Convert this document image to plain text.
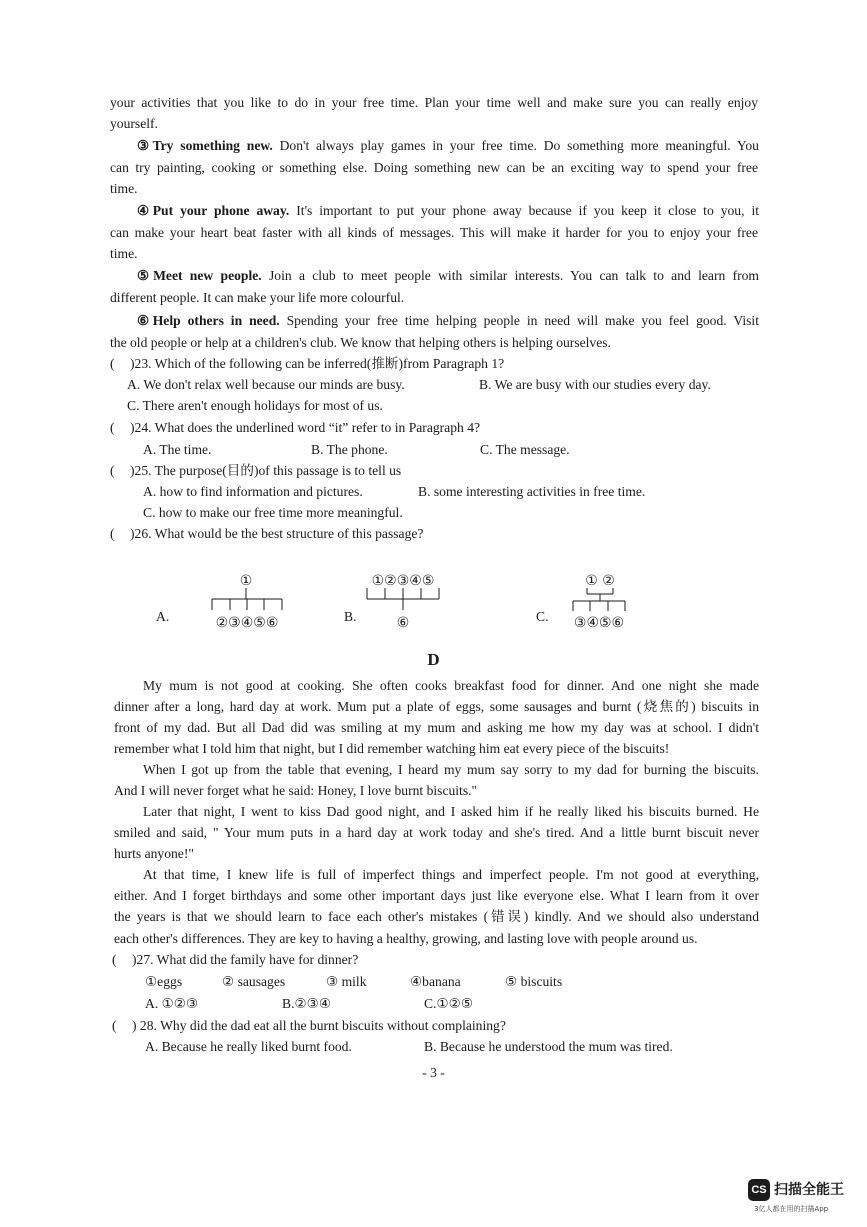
your activities that you like to do in your free time. Plan your time well and make sure you can really enjoy
yourself.
③Try something new. Don't always play games in your free time. Do something more meaningful. You
can try painting, cooking or something else. Doing something new can be an exciting way to spend your free
time.
④Put your phone away. It's important to put your phone away because if you keep it close to you, it
can make your heart beat faster with all kinds of messages. This will make it harder for you to enjoy your free
time.
⑤Meet new people. Join a club to meet people with similar interests. You can talk to and learn from
different people. It can make your life more colourful.
⑥Help others in need. Spending your free time helping people in need will make you feel good. Visit
the old people or help at a children's club. We know that helping others is helping ourselves.
( )23. Which of the following can be inferred(推断)from Paragraph 1?
A. We don't relax well because our minds are busy.	B. We are busy with our studies every day.
C. There aren't enough holidays for most of us.
( )24. What does the underlined word “it” refer to in Paragraph 4?
A. The time.	B. The phone.	C. The message.
( )25. The purpose(目的)of this passage is to tell us
A. how to find information and pictures.	B. some interesting activities in free time.
C. how to make our free time more meaningful.
( )26. What would be the best structure of this passage?
A.
①
②③④⑤⑥	B.
①②③④⑤
⑥	C.
① ②
③④⑤⑥
D
My mum is not good at cooking. She often cooks breakfast food for dinner. And one night she made
dinner after a long, hard day at work. Mum put a plate of eggs, some sausages and burnt (烧焦的) biscuits in
front of my dad. But all Dad did was smiling at my mum and asking me how my day was at school. I didn't
remember what I told him that night, but I did remember watching him eat every piece of the biscuits!
When I got up from the table that evening, I heard my mum say sorry to my dad for burning the biscuits.
And I will never forget what he said: Honey, I love burnt biscuits."
Later that night, I went to kiss Dad good night, and I asked him if he really liked his biscuits burned. He
smiled and said, " Your mum puts in a hard day at work today and she's tired. And a little burnt biscuit never
hurts anyone!"
At that time, I knew life is full of imperfect things and imperfect people. I'm not good at everything,
either. And I forget birthdays and some other important days just like everyone else. What I learn from it over
the years is that we should learn to face each other's mistakes (错误) kindly. And we should also understand
each other's differences. They are key to having a healthy, growing, and lasting love with people around us.
( )27. What did the family have for dinner?
①eggs	② sausages	③ milk	④banana	⑤ biscuits
A. ①②③	B.②③④	C.①②⑤
( ) 28. Why did the dad eat all the burnt biscuits without complaining?
A. Because he really liked burnt food.	B. Because he understood the mum was tired.
- 3 -
CS 扫描全能王
3亿人都在用的扫描App
